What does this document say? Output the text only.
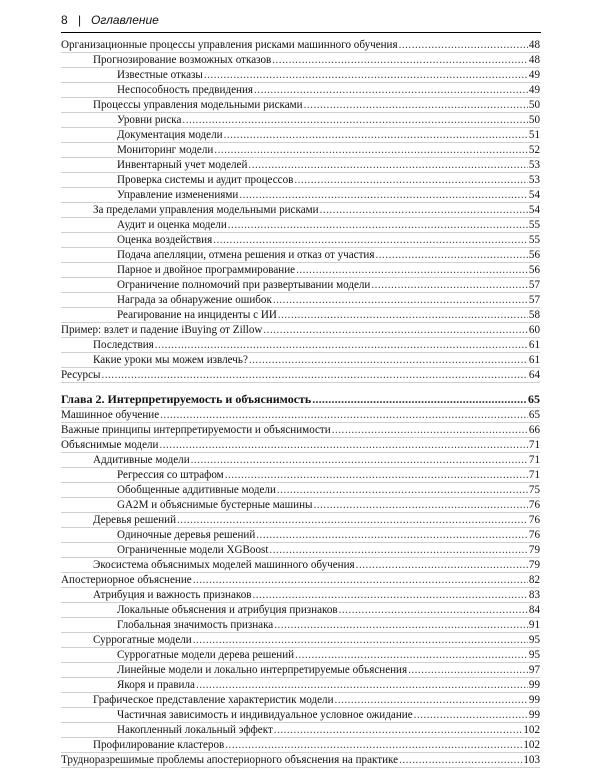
8 | Оглавление
Организационные процессы управления рисками машинного обучения .....	48
Прогнозирование возможных отказов .....	48
Известные отказы .....	49
Неспособность предвидения .....	49
Процессы управления модельными рисками .....	50
Уровни риска .....	50
Документация модели .....	51
Мониторинг модели .....	52
Инвентарный учет моделей .....	53
Проверка системы и аудит процессов .....	53
Управление изменениями .....	54
За пределами управления модельными рисками .....	54
Аудит и оценка модели .....	55
Оценка воздействия .....	55
Подача апелляции, отмена решения и отказ от участия .....	56
Парное и двойное программирование .....	56
Ограничение полномочий при развертывании модели .....	57
Награда за обнаружение ошибок .....	57
Реагирование на инциденты с ИИ .....	58
Пример: взлет и падение iBuying от Zillow .....	60
Последствия .....	61
Какие уроки мы можем извлечь? .....	61
Ресурсы .....	64
Глава 2. Интерпретируемость и объяснимость .....	65
Машинное обучение .....	65
Важные принципы интерпретируемости и объяснимости .....	66
Объяснимые модели .....	71
Аддитивные модели .....	71
Регрессия со штрафом .....	71
Обобщенные аддитивные модели .....	75
GA2M и объяснимые бустерные машины .....	76
Деревья решений .....	76
Одиночные деревья решений .....	76
Ограниченные модели XGBoost .....	79
Экосистема объяснимых моделей машинного обучения .....	79
Апостериорное объяснение .....	82
Атрибуция и важность признаков .....	83
Локальные объяснения и атрибуция признаков .....	84
Глобальная значимость признака .....	91
Суррогатные модели .....	95
Суррогатные модели дерева решений .....	95
Линейные модели и локально интерпретируемые объяснения .....	97
Якоря и правила .....	99
Графическое представление характеристик модели .....	99
Частичная зависимость и индивидуальное условное ожидание .....	99
Накопленный локальный эффект .....	102
Профилирование кластеров .....	102
Трудноразрешимые проблемы апостериорного объяснения на практике .....	103
